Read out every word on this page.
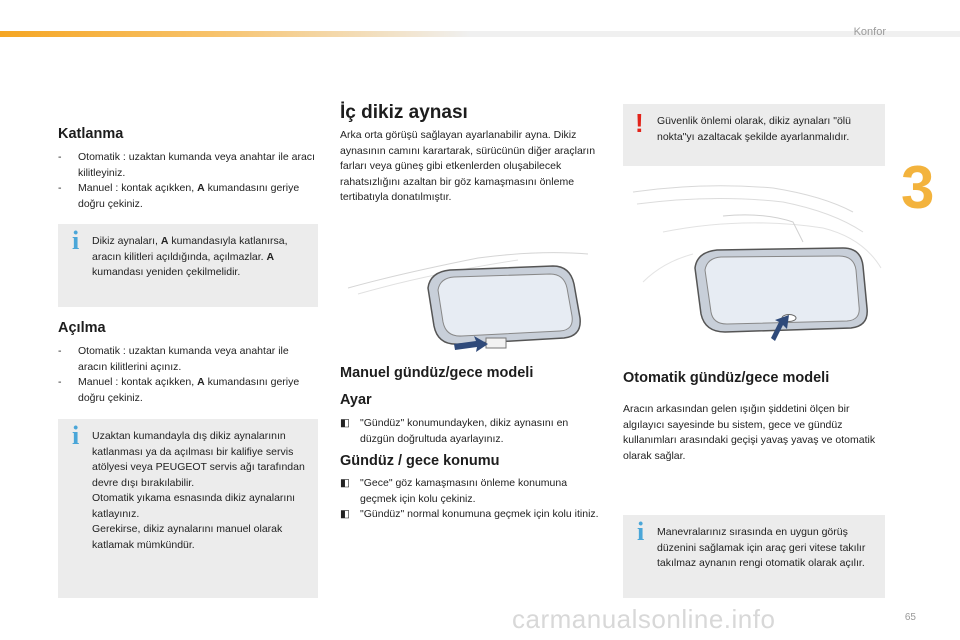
Konfor
3
Katlanma
- Otomatik : uzaktan kumanda veya anahtar ile aracı kilitleyiniz.
- Manuel : kontak açıkken, A kumandasını geriye doğru çekiniz.
i Dikiz aynaları, A kumandasıyla katlanırsa, aracın kilitleri açıldığında, açılmazlar. A kumandası yeniden çekilmelidir.
Açılma
- Otomatik : uzaktan kumanda veya anahtar ile aracın kilitlerini açınız.
- Manuel : kontak açıkken, A kumandasını geriye doğru çekiniz.
i Uzaktan kumandayla dış dikiz aynalarının katlanması ya da açılması bir kalifiye servis atölyesi veya PEUGEOT servis ağı tarafından devre dışı bırakılabilir.
Otomatik yıkama esnasında dikiz aynalarını katlayınız.
Gerekirse, dikiz aynalarını manuel olarak katlamak mümkündür.
İç dikiz aynası

Arka orta görüşü sağlayan ayarlanabilir ayna. Dikiz aynasının camını karartarak, sürücünün diğer araçların farları veya güneş gibi etkenlerden oluşabilecek rahatsızlığını azaltan bir göz kamaşmasını önleme tertibatıyla donatılmıştır.

Manuel gündüz/gece modeli
Ayar
◧ "Gündüz" konumundayken, dikiz aynasını en düzgün doğrultuda ayarlayınız.
Gündüz / gece konumu
◧ "Gece" göz kamaşmasını önleme konumuna geçmek için kolu çekiniz.
◧ "Gündüz" normal konumuna geçmek için kolu itiniz.
! Güvenlik önlemi olarak, dikiz aynaları "ölü nokta"yı azaltacak şekilde ayarlanmalıdır.
Otomatik gündüz/gece modeli

Aracın arkasından gelen ışığın şiddetini ölçen bir algılayıcı sayesinde bu sistem, gece ve gündüz kullanımları arasındaki geçişi yavaş yavaş ve otomatik olarak sağlar.

i Manevralarınız sırasında en uygun görüş düzenini sağlamak için araç geri vitese takılır takılmaz aynanın rengi otomatik olarak açılır.
carmanualsonline.info	65
